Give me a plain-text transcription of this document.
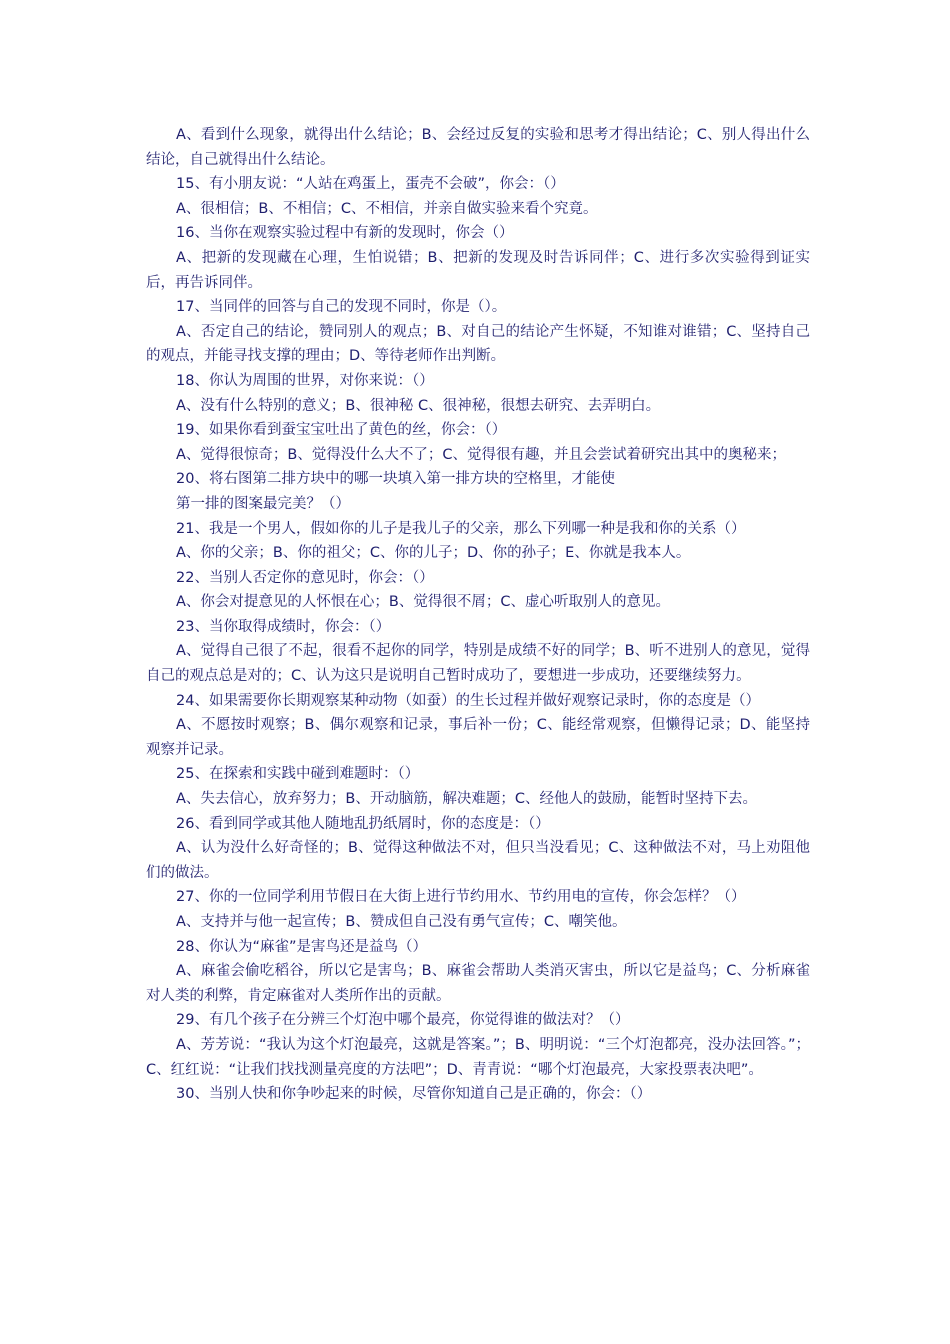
A、看到什么现象，就得出什么结论；B、会经过反复的实验和思考才得出结论；C、别人得出什么结论，自己就得出什么结论。

15、有小朋友说：“人站在鸡蛋上，蛋壳不会破”，你会：（）

A、很相信；B、不相信；C、不相信，并亲自做实验来看个究竟。

16、当你在观察实验过程中有新的发现时，你会（）

A、把新的发现藏在心理，生怕说错；B、把新的发现及时告诉同伴；C、进行多次实验得到证实后，再告诉同伴。

17、当同伴的回答与自己的发现不同时，你是（）。

A、否定自己的结论，赞同别人的观点；B、对自己的结论产生怀疑，不知谁对谁错；C、坚持自己的观点，并能寻找支撑的理由；D、等待老师作出判断。

18、你认为周围的世界，对你来说：（）

A、没有什么特别的意义；B、很神秘 C、很神秘，很想去研究、去弄明白。

19、如果你看到蚕宝宝吐出了黄色的丝，你会：（）

A、觉得很惊奇；B、觉得没什么大不了；C、觉得很有趣，并且会尝试着研究出其中的奥秘来；

20、将右图第二排方块中的哪一块填入第一排方块的空格里，才能使

第一排的图案最完美？（）

21、我是一个男人，假如你的儿子是我儿子的父亲，那么下列哪一种是我和你的关系（）

A、你的父亲；B、你的祖父；C、你的儿子；D、你的孙子；E、你就是我本人。

22、当别人否定你的意见时，你会：（）

A、你会对提意见的人怀恨在心；B、觉得很不屑；C、虚心听取别人的意见。

23、当你取得成绩时，你会：（）

A、觉得自己很了不起，很看不起你的同学，特别是成绩不好的同学；B、听不进别人的意见，觉得自己的观点总是对的；C、认为这只是说明自己暂时成功了，要想进一步成功，还要继续努力。

24、如果需要你长期观察某种动物（如蚕）的生长过程并做好观察记录时，你的态度是（）

A、不愿按时观察；B、偶尔观察和记录，事后补一份；C、能经常观察，但懒得记录；D、能坚持观察并记录。

25、在探索和实践中碰到难题时：（）

A、失去信心，放弃努力；B、开动脑筋，解决难题；C、经他人的鼓励，能暂时坚持下去。

26、看到同学或其他人随地乱扔纸屑时，你的态度是：（）

A、认为没什么好奇怪的；B、觉得这种做法不对，但只当没看见；C、这种做法不对，马上劝阻他们的做法。

27、你的一位同学利用节假日在大街上进行节约用水、节约用电的宣传，你会怎样？（）

A、支持并与他一起宣传；B、赞成但自己没有勇气宣传；C、嘲笑他。

28、你认为“麻雀”是害鸟还是益鸟（）

A、麻雀会偷吃稻谷，所以它是害鸟；B、麻雀会帮助人类消灭害虫，所以它是益鸟；C、分析麻雀对人类的利弊，肯定麻雀对人类所作出的贡献。

29、有几个孩子在分辨三个灯泡中哪个最亮，你觉得谁的做法对？（）

A、芳芳说：“我认为这个灯泡最亮，这就是答案。”；B、明明说：“三个灯泡都亮，没办法回答。”；C、红红说：“让我们找找测量亮度的方法吧”；D、青青说：“哪个灯泡最亮，大家投票表决吧”。

30、当别人快和你争吵起来的时候，尽管你知道自己是正确的，你会：（）
